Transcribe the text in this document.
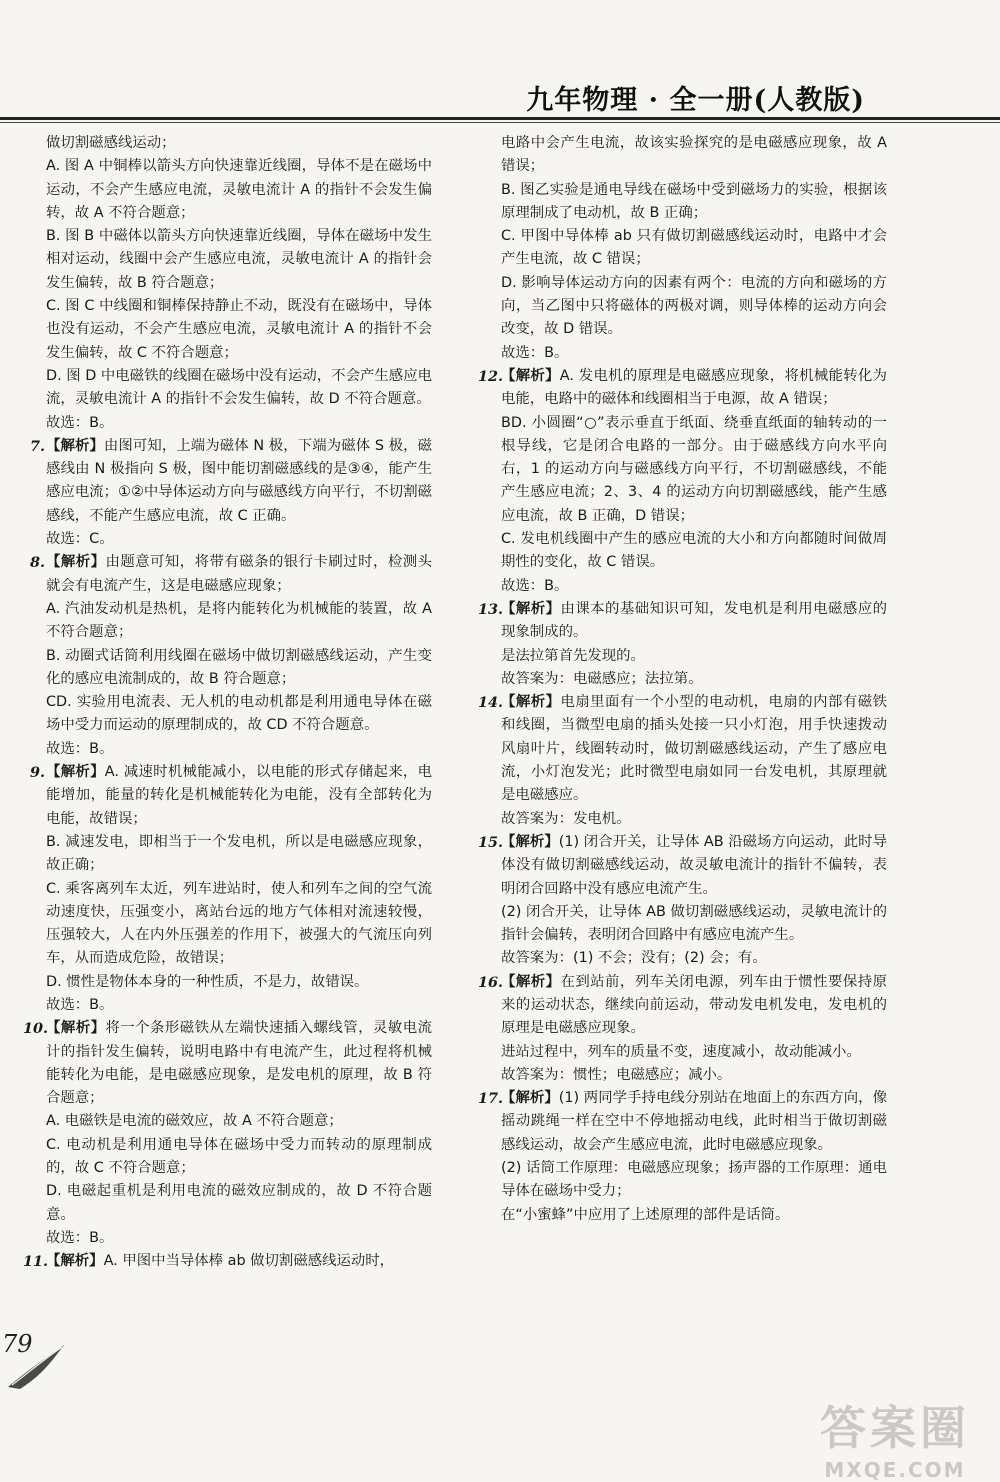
九年物理 · 全一册(人教版)

做切割磁感线运动；

A. 图 A 中铜棒以箭头方向快速靠近线圈，导体不是在磁场中运动，不会产生感应电流，灵敏电流计 A 的指针不会发生偏转，故 A 不符合题意；

B. 图 B 中磁体以箭头方向快速靠近线圈，导体在磁场中发生相对运动，线圈中会产生感应电流，灵敏电流计 A 的指针会发生偏转，故 B 符合题意；

C. 图 C 中线圈和铜棒保持静止不动，既没有在磁场中，导体也没有运动，不会产生感应电流，灵敏电流计 A 的指针不会发生偏转，故 C 不符合题意；

D. 图 D 中电磁铁的线圈在磁场中没有运动，不会产生感应电流，灵敏电流计 A 的指针不会发生偏转，故 D 不符合题意。

故选：B。

7. 【解析】由图可知，上端为磁体 N 极，下端为磁体 S 极，磁感线由 N 极指向 S 极，图中能切割磁感线的是③④，能产生感应电流；①②中导体运动方向与磁感线方向平行，不切割磁感线，不能产生感应电流，故 C 正确。

故选：C。

8. 【解析】由题意可知，将带有磁条的银行卡刷过时，检测头就会有电流产生，这是电磁感应现象；

A. 汽油发动机是热机，是将内能转化为机械能的装置，故 A 不符合题意；

B. 动圈式话筒利用线圈在磁场中做切割磁感线运动，产生变化的感应电流制成的，故 B 符合题意；

CD. 实验用电流表、无人机的电动机都是利用通电导体在磁场中受力而运动的原理制成的，故 CD 不符合题意。

故选：B。

9. 【解析】A. 减速时机械能减小，以电能的形式存储起来，电能增加，能量的转化是机械能转化为电能，没有全部转化为电能，故错误；

B. 减速发电，即相当于一个发电机，所以是电磁感应现象，故正确；

C. 乘客离列车太近，列车进站时，使人和列车之间的空气流动速度快，压强变小，离站台远的地方气体相对流速较慢，压强较大，人在内外压强差的作用下，被强大的气流压向列车，从而造成危险，故错误；

D. 惯性是物体本身的一种性质，不是力，故错误。

故选：B。

10.
【解析】将一个条形磁铁从左端快速插入螺线管，灵敏电流计的指针发生偏转，说明电路中有电流产生，此过程将机械能转化为电能，是电磁感应现象，是发电机的原理，故 B 符合题意；

A. 电磁铁是电流的磁效应，故 A 不符合题意；

C. 电动机是利用通电导体在磁场中受力而转动的原理制成的，故 C 不符合题意；

D. 电磁起重机是利用电流的磁效应制成的，故 D 不符合题意。

故选：B。

11.
【解析】A. 甲图中当导体棒 ab 做切割磁感线运动时，

电路中会产生电流，故该实验探究的是电磁感应现象，故 A 错误；

B. 图乙实验是通电导线在磁场中受到磁场力的实验，根据该原理制成了电动机，故 B 正确；

C. 甲图中导体棒 ab 只有做切割磁感线运动时，电路中才会产生电流，故 C 错误；

D. 影响导体运动方向的因素有两个：电流的方向和磁场的方向，当乙图中只将磁体的两极对调，则导体棒的运动方向会改变，故 D 错误。

故选：B。

12.
【解析】A. 发电机的原理是电磁感应现象，将机械能转化为电能，电路中的磁体和线圈相当于电源，故 A 错误；

BD. 小圆圈“○”表示垂直于纸面、绕垂直纸面的轴转动的一根导线，它是闭合电路的一部分。由于磁感线方向水平向右，1 的运动方向与磁感线方向平行，不切割磁感线，不能产生感应电流；2、3、4 的运动方向切割磁感线，能产生感应电流，故 B 正确，D 错误；

C. 发电机线圈中产生的感应电流的大小和方向都随时间做周期性的变化，故 C 错误。

故选：B。

13.
【解析】由课本的基础知识可知，发电机是利用电磁感应的现象制成的。

是法拉第首先发现的。

故答案为：电磁感应；法拉第。

14.
【解析】电扇里面有一个小型的电动机，电扇的内部有磁铁和线圈，当微型电扇的插头处接一只小灯泡，用手快速拨动风扇叶片，线圈转动时，做切割磁感线运动，产生了感应电流，小灯泡发光；此时微型电扇如同一台发电机，其原理就是电磁感应。

故答案为：发电机。

15.
【解析】(1) 闭合开关，让导体 AB 沿磁场方向运动，此时导体没有做切割磁感线运动，故灵敏电流计的指针不偏转，表明闭合回路中没有感应电流产生。

(2) 闭合开关，让导体 AB 做切割磁感线运动，灵敏电流计的指针会偏转，表明闭合回路中有感应电流产生。

故答案为：(1) 不会；没有；(2) 会；有。

16.
【解析】在到站前，列车关闭电源，列车由于惯性要保持原来的运动状态，继续向前运动，带动发电机发电，发电机的原理是电磁感应现象。

进站过程中，列车的质量不变，速度减小，故动能减小。

故答案为：惯性；电磁感应；减小。

17.
【解析】(1) 两同学手持电线分别站在地面上的东西方向，像摇动跳绳一样在空中不停地摇动电线，此时相当于做切割磁感线运动，故会产生感应电流，此时电磁感应现象。

(2) 话筒工作原理：电磁感应现象；扬声器的工作原理：通电导体在磁场中受力；

在“小蜜蜂”中应用了上述原理的部件是话筒。

79
答案圈
MXQE.COM
